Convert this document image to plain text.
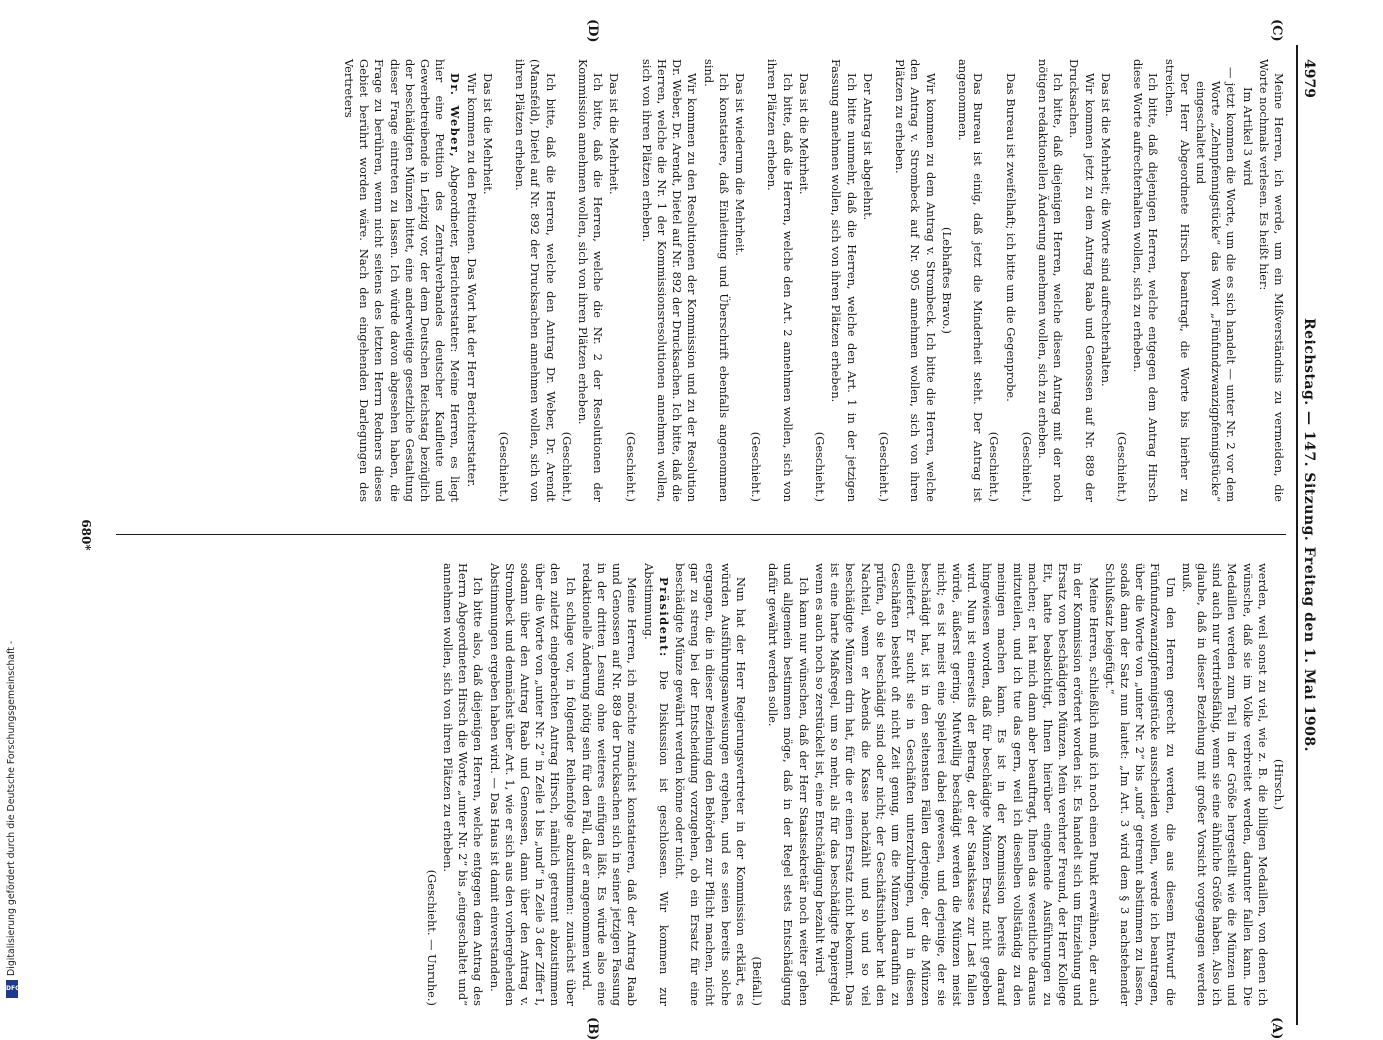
4979
Reichstag. — 147. Sitzung. Freitag den 1. Mai 1908.
(C)
(D)
(A)
(B)

Meine Herren, ich werde, um ein Mißverständnis zu vermeiden, die Worte nochmals verlesen. Es heißt hier:

Im Artikel 3 wird

— jetzt kommen die Worte, um die es sich handelt — unter Nr. 2 vor dem Worte „Zehnpfennigstücke“ das Wort „Fünfundzwanzigpfennigstücke“ eingeschaltet und

Der Herr Abgeordnete Hirsch beantragt, die Worte bis hierher zu streichen.

Ich bitte, daß diejenigen Herren, welche entgegen dem Antrag Hirsch diese Worte aufrechterhalten wollen, sich zu erheben.

(Geschieht.)

Das ist die Mehrheit; die Worte sind aufrechterhalten.

Wir kommen jetzt zu dem Antrag Raab und Genossen auf Nr. 889 der Drucksachen.

Ich bitte, daß diejenigen Herren, welche diesen Antrag mit der noch nötigen redaktionellen Änderung annehmen wollen, sich zu erheben.

(Geschieht.)

Das Bureau ist zweifelhaft; ich bitte um die Gegenprobe.

(Geschieht.)

Das Bureau ist einig, daß jetzt die Minderheit steht. Der Antrag ist angenommen.

(Lebhaftes Bravo.)

Wir kommen zu dem Antrag v. Strombeck. Ich bitte die Herren, welche den Antrag v. Strombeck auf Nr. 905 annehmen wollen, sich von ihren Plätzen zu erheben.

(Geschieht.)

Der Antrag ist abgelehnt.

Ich bitte nunmehr, daß die Herren, welche den Art. 1 in der jetzigen Fassung annehmen wollen, sich von ihren Plätzen erheben.

(Geschieht.)

Das ist die Mehrheit.

Ich bitte, daß die Herren, welche den Art. 2 annehmen wollen, sich von ihren Plätzen erheben.

(Geschieht.)

Das ist wiederum die Mehrheit.

Ich konstatiere, daß Einleitung und Überschrift ebenfalls angenommen sind.

Wir kommen zu den Resolutionen der Kommission und zu der Resolution Dr. Weber, Dr. Arendt, Dietel auf Nr. 892 der Drucksachen. Ich bitte, daß die Herren, welche die Nr. 1 der Kommissionsresolutionen annehmen wollen, sich von ihren Plätzen erheben.

(Geschieht.)

Das ist die Mehrheit.

Ich bitte, daß die Herren, welche die Nr. 2 der Resolutionen der Kommission annehmen wollen, sich von ihren Plätzen erheben.

(Geschieht.)

Ich bitte, daß die Herren, welche den Antrag Dr. Weber, Dr. Arendt (Mansfeld), Dietel auf Nr. 892 der Drucksachen annehmen wollen, sich von ihren Plätzen erheben.

(Geschieht.)

Das ist die Mehrheit.

Wir kommen zu den Petitionen. Das Wort hat der Herr Berichterstatter.

Dr. Weber, Abgeordneter, Berichterstatter: Meine Herren, es liegt hier eine Petition des Zentralverbandes deutscher Kaufleute und Gewerbetreibende in Leipzig vor, der dem Deutschen Reichstag bezüglich der beschädigten Münzen bittet, eine anderweitige gesetzliche Gestaltung dieser Frage eintreten zu lassen. Ich würde davon abgesehen haben, die Frage zu berühren, wenn nicht seitens des letzten Herrn Redners dieses Gebiet berührt worden wäre. Nach den eingehenden Darlegungen des Vertreters

(Hirsch.)

werden, weil sonst zu viel, wie z. B. die billigen Medaillen, von denen ich wünsche, daß sie im Volke verbreitet werden, darunter fallen kann. Die Medaillen werden zum Teil in der Größe hergestellt wie die Münzen und sind auch nur vertriebsfähig, wenn sie eine ähnliche Größe haben. Also ich glaube, daß in dieser Beziehung mit großer Vorsicht vorgegangen werden muß.

Um den Herren gerecht zu werden, die aus diesem Entwurf die Fünfundzwanzigpfennigstücke ausscheiden wollen, werde ich beantragen, über die Worte von „unter Nr. 2“ bis „und“ getrennt abstimmen zu lassen, sodaß dann der Satz nun lautet: „Im Art. 3 wird dem § 3 nachstehender Schlußsatz beigefügt.“

Meine Herren, schließlich muß ich noch einen Punkt erwähnen, der auch in der Kommission erörtert worden ist. Es handelt sich um Einziehung und Ersatz von beschädigten Münzen. Mein verehrter Freund, der Herr Kollege Eit, hatte beabsichtigt, Ihnen hierüber eingehende Ausführungen zu machen; er hat mich dann aber beauftragt, Ihnen das wesentliche daraus mitzuteilen, und ich tue das gern, weil ich dieselben vollständig zu den meinigen machen kann. Es ist in der Kommission bereits darauf hingewiesen worden, daß für beschädigte Münzen Ersatz nicht gegeben wird. Nun ist einerseits der Betrag, der der Staatskasse zur Last fallen würde, äußerst gering. Mutwillig beschädigt werden die Münzen meist nicht; es ist meist eine Spielerei dabei gewesen, und derjenige, der sie beschädigt hat, ist in den seltensten Fällen derjenige, der die Münzen einliefert. Er sucht sie in Geschäften unterzubringen, und in diesen Geschäften besteht oft nicht Zeit genug, um die Münzen daraufhin zu prüfen, ob sie beschädigt sind oder nicht; der Geschäftsinhaber hat den Nachteil, wenn er Abends die Kasse nachzählt und so und so viel beschädigte Münzen drin hat, für die er einen Ersatz nicht bekommt. Das ist eine harte Maßregel, um so mehr, als für das beschädigte Papiergeld, wenn es auch noch so zerstückelt ist, eine Entschädigung bezahlt wird.

Ich kann nur wünschen, daß der Herr Staatssekretär noch weiter gehen und allgemein bestimmen möge, daß in der Regel stets Entschädigung dafür gewährt werden solle.

(Beifall.)

Nun hat der Herr Regierungsvertreter in der Kommission erklärt, es würden Ausführungsanweisungen ergehen, und es seien bereits solche ergangen, die in dieser Beziehung den Behörden zur Pflicht machen, nicht gar zu streng bei der Entscheidung vorzugehen, ob ein Ersatz für eine beschädigte Münze gewährt werden könne oder nicht.

Präsident: Die Diskussion ist geschlossen. Wir kommen zur Abstimmung.

Meine Herren, ich möchte zunächst konstatieren, daß der Antrag Raab und Genossen auf Nr. 889 der Drucksachen sich in seiner jetzigen Fassung in der dritten Lesung ohne weiteres einfügen läßt. Es würde also eine redaktionelle Änderung nötig sein für den Fall, daß er angenommen wird.

Ich schlage vor, in folgender Reihenfolge abzustimmen: zunächst über den zuletzt eingebrachten Antrag Hirsch, nämlich getrennt abzustimmen über die Worte von „unter Nr. 2“ in Zeile 1 bis „und“ in Zeile 3 der Ziffer I, sodann über den Antrag Raab und Genossen, dann über den Antrag v. Strombeck und demnächst über Art. 1, wie er sich aus den vorhergehenden Abstimmungen ergeben haben wird. — Das Haus ist damit einverstanden.

Ich bitte also, daß diejenigen Herren, welche entgegen dem Antrag des Herrn Abgeordneten Hirsch die Worte „unter Nr. 2“ bis „eingeschaltet und“ annehmen wollen, sich von ihren Plätzen zu erheben.

(Geschieht. — Unruhe.)

680*
Digitalisierung gefördert durch die Deutsche Forschungsgemeinschaft -
DFG
